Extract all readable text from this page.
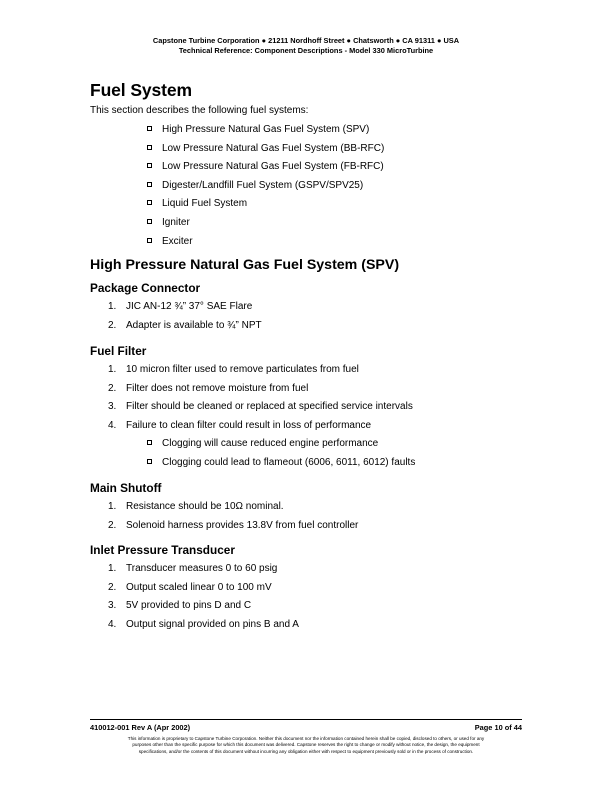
Capstone Turbine Corporation ● 21211 Nordhoff Street ● Chatsworth ● CA 91311 ● USA
Technical Reference: Component Descriptions - Model 330 MicroTurbine
Fuel System
This section describes the following fuel systems:
High Pressure Natural Gas Fuel System (SPV)
Low Pressure Natural Gas Fuel System (BB-RFC)
Low Pressure Natural Gas Fuel System (FB-RFC)
Digester/Landfill Fuel System (GSPV/SPV25)
Liquid Fuel System
Igniter
Exciter
High Pressure Natural Gas Fuel System (SPV)
Package Connector
1. JIC AN-12 ¾” 37° SAE Flare
2. Adapter is available to ¾” NPT
Fuel Filter
1. 10 micron filter used to remove particulates from fuel
2. Filter does not remove moisture from fuel
3. Filter should be cleaned or replaced at specified service intervals
4. Failure to clean filter could result in loss of performance
Clogging will cause reduced engine performance
Clogging could lead to flameout (6006, 6011, 6012) faults
Main Shutoff
1. Resistance should be 10Ω nominal.
2. Solenoid harness provides 13.8V from fuel controller
Inlet Pressure Transducer
1. Transducer measures 0 to 60 psig
2. Output scaled linear 0 to 100 mV
3. 5V provided to pins D and C
4. Output signal provided on pins B and A
410012-001 Rev A (Apr 2002)	Page 10 of 44
This information is proprietary to Capstone Turbine Corporation. Neither this document nor the information contained herein shall be copied, disclosed to others, or used for any
purposes other than the specific purpose for which this document was delivered. Capstone reserves the right to change or modify without notice, the design, the equipment
specifications, and/or the contents of this document without incurring any obligation either with respect to equipment previously sold or in the process of construction.
